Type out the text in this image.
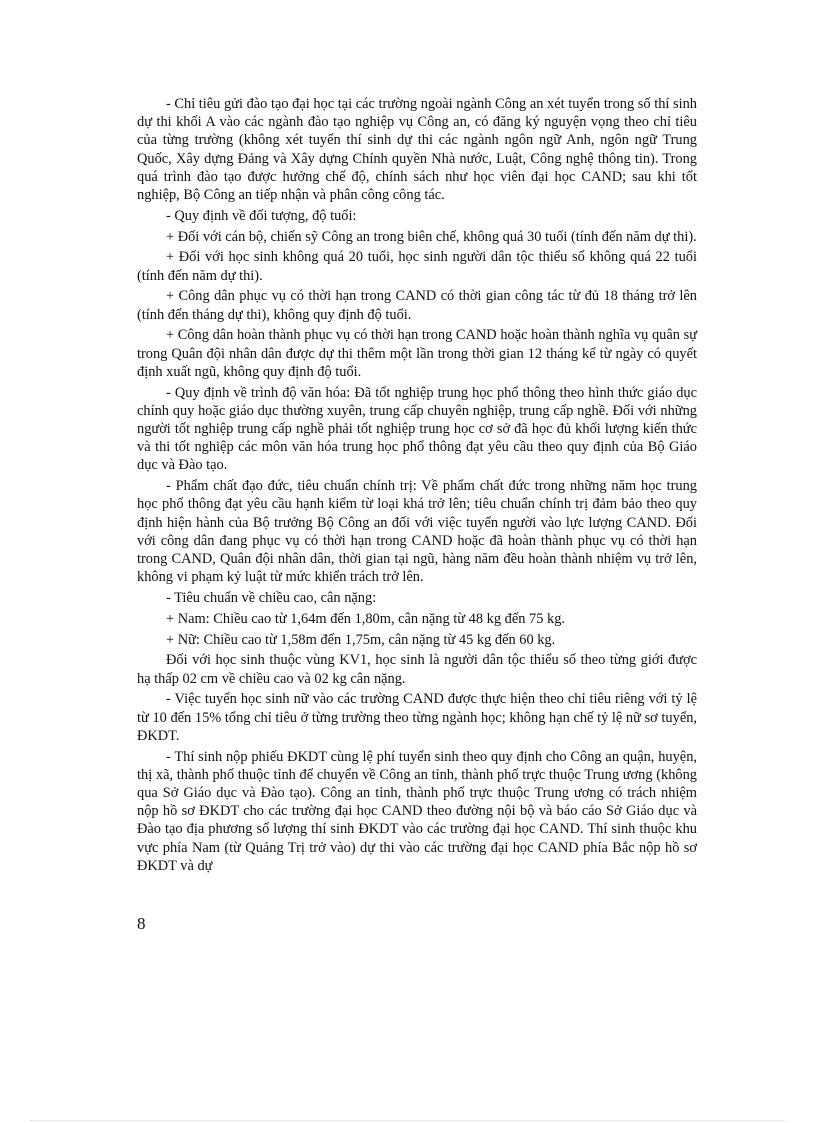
- Chỉ tiêu gửi đào tạo đại học tại các trường ngoài ngành Công an xét tuyển trong số thí sinh dự thi khối A vào các ngành đào tạo nghiệp vụ Công an, có đăng ký nguyện vọng theo chỉ tiêu của từng trường (không xét tuyển thí sinh dự thi các ngành ngôn ngữ Anh, ngôn ngữ Trung Quốc, Xây dựng Đảng và Xây dựng Chính quyền Nhà nước, Luật, Công nghệ thông tin). Trong quá trình đào tạo được hưởng chế độ, chính sách như học viên đại học CAND; sau khi tốt nghiệp, Bộ Công an tiếp nhận và phân công công tác.

- Quy định về đối tượng, độ tuổi:

+ Đối với cán bộ, chiến sỹ Công an trong biên chế, không quá 30 tuổi (tính đến năm dự thi).

+ Đối với học sinh không quá 20 tuổi, học sinh người dân tộc thiểu số không quá 22 tuổi (tính đến năm dự thi).

+ Công dân phục vụ có thời hạn trong CAND có thời gian công tác từ đủ 18 tháng trở lên (tính đến tháng dự thi), không quy định độ tuổi.

+ Công dân hoàn thành phục vụ có thời hạn trong CAND hoặc hoàn thành nghĩa vụ quân sự trong Quân đội nhân dân được dự thi thêm một lần trong thời gian 12 tháng kể từ ngày có quyết định xuất ngũ, không quy định độ tuổi.

- Quy định về trình độ văn hóa: Đã tốt nghiệp trung học phổ thông theo hình thức giáo dục chính quy hoặc giáo dục thường xuyên, trung cấp chuyên nghiệp, trung cấp nghề. Đối với những người tốt nghiệp trung cấp nghề phải tốt nghiệp trung học cơ sở đã học đủ khối lượng kiến thức và thi tốt nghiệp các môn văn hóa trung học phổ thông đạt yêu cầu theo quy định của Bộ Giáo dục và Đào tạo.

- Phẩm chất đạo đức, tiêu chuẩn chính trị: Về phẩm chất đức trong những năm học trung học phổ thông đạt yêu cầu hạnh kiểm từ loại khá trở lên; tiêu chuẩn chính trị đảm bảo theo quy định hiện hành của Bộ trưởng Bộ Công an đối với việc tuyển người vào lực lượng CAND. Đối với công dân đang phục vụ có thời hạn trong CAND hoặc đã hoàn thành phục vụ có thời hạn trong CAND, Quân đội nhân dân, thời gian tại ngũ, hàng năm đều hoàn thành nhiệm vụ trở lên, không vi phạm kỷ luật từ mức khiển trách trở lên.

- Tiêu chuẩn về chiều cao, cân nặng:

+ Nam: Chiều cao từ 1,64m đến 1,80m, cân nặng từ 48 kg đến 75 kg.

+ Nữ: Chiều cao từ 1,58m đến 1,75m, cân nặng từ 45 kg đến 60 kg.

Đối với học sinh thuộc vùng KV1, học sinh là người dân tộc thiểu số theo từng giới được hạ thấp 02 cm về chiều cao và 02 kg cân nặng.

- Việc tuyển học sinh nữ vào các trường CAND được thực hiện theo chỉ tiêu riêng với tỷ lệ từ 10 đến 15% tổng chỉ tiêu ở từng trường theo từng ngành học; không hạn chế tỷ lệ nữ sơ tuyển, ĐKDT.

- Thí sinh nộp phiếu ĐKDT cùng lệ phí tuyển sinh theo quy định cho Công an quận, huyện, thị xã, thành phố thuộc tỉnh để chuyển về Công an tỉnh, thành phố trực thuộc Trung ương (không qua Sở Giáo dục và Đào tạo). Công an tỉnh, thành phố trực thuộc Trung ương có trách nhiệm nộp hồ sơ ĐKDT cho các trường đại học CAND theo đường nội bộ và báo cáo Sở Giáo dục và Đào tạo địa phương số lượng thí sinh ĐKDT vào các trường đại học CAND. Thí sinh thuộc khu vực phía Nam (từ Quảng Trị trở vào) dự thi vào các trường đại học CAND phía Bắc nộp hồ sơ ĐKDT và dự

8
